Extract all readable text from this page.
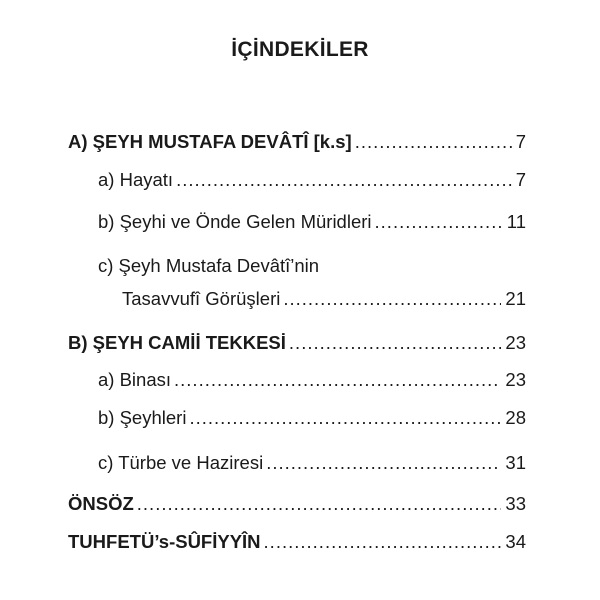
İÇİNDEKİLER
A) ŞEYH MUSTAFA DEVÂTÎ [k.s] .....	7
a) Hayatı .....	7
b) Şeyhi ve Önde Gelen Müridleri .....	11
c) Şeyh Mustafa Devâtî’nin
Tasavvufî Görüşleri .....	21
B) ŞEYH CAMİİ TEKKESİ .....	23
a) Binası .....	23
b) Şeyhleri .....	28
c) Türbe ve Haziresi .....	31
ÖNSÖZ .....	33
TUHFETÜ’s-SÛFİYYÎN .....	34
